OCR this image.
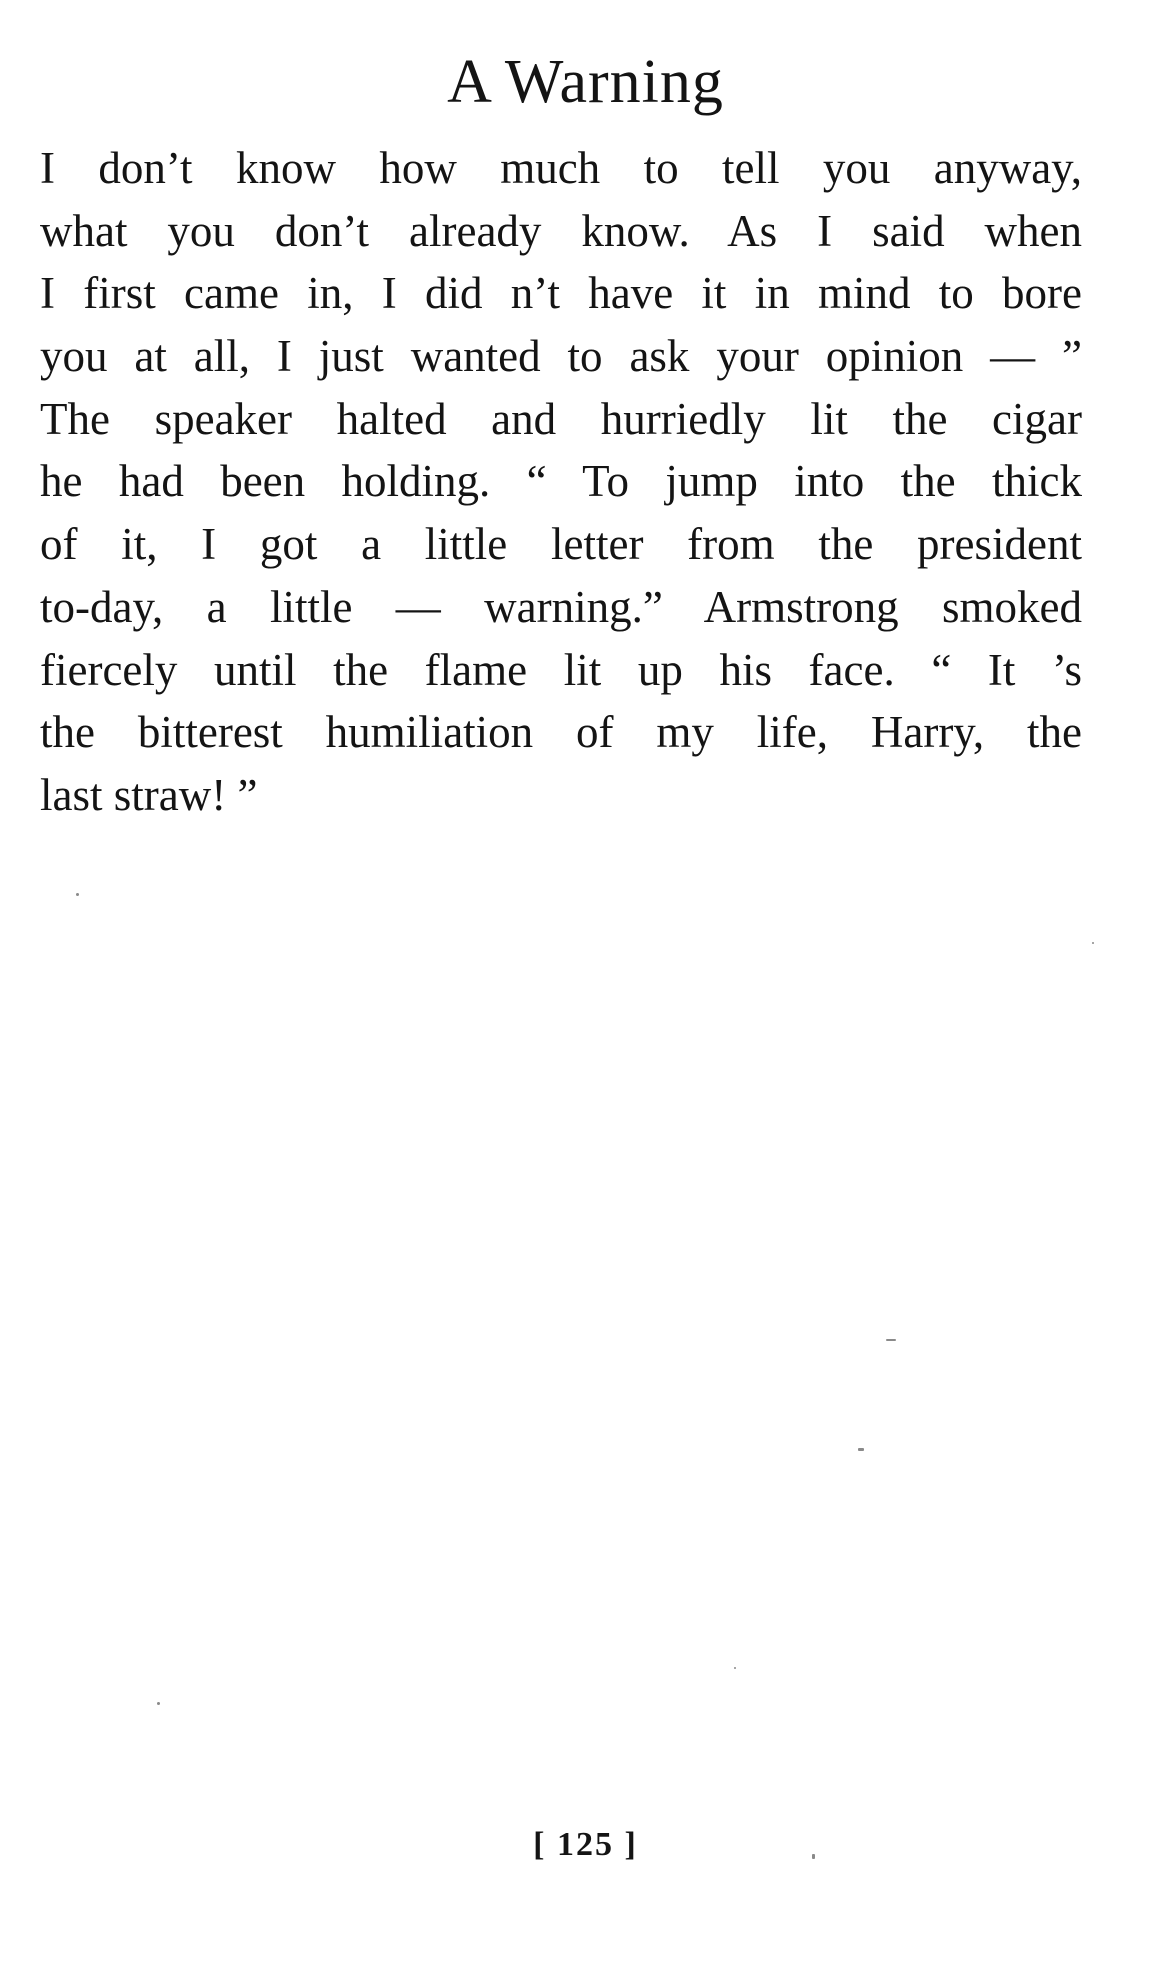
A Warning
I don’t know how much to tell you anyway,
what you don’t already know. As I said when
I first came in, I did n’t have it in mind to bore
you at all, I just wanted to ask your opinion — ”
The speaker halted and hurriedly lit the cigar
he had been holding. “ To jump into the thick
of it, I got a little letter from the president
to-day, a little — warning.” Armstrong smoked
fiercely until the flame lit up his face. “ It ’s
the bitterest humiliation of my life, Harry, the
last straw! ”
[ 125 ]
